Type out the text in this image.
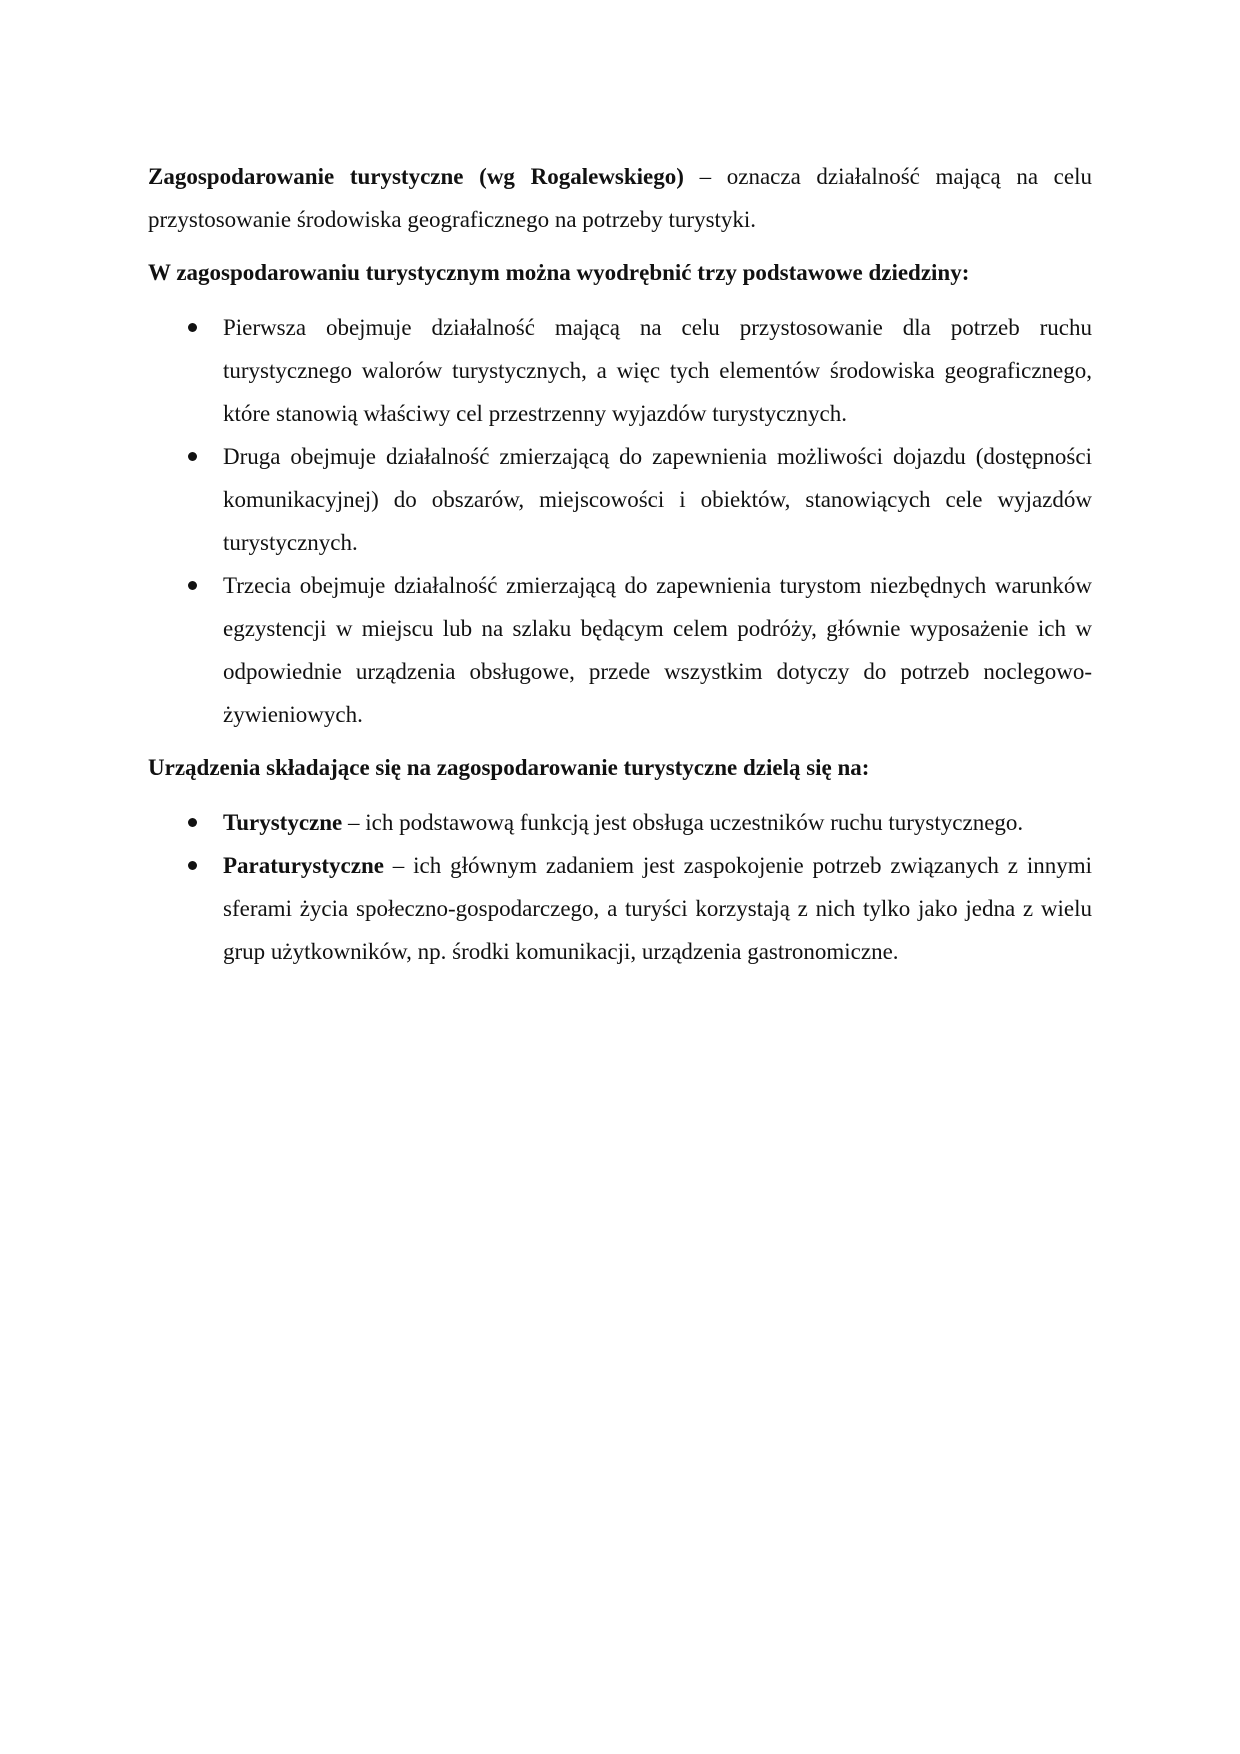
Zagospodarowanie turystyczne (wg Rogalewskiego) – oznacza działalność mającą na celu przystosowanie środowiska geograficznego na potrzeby turystyki.

W zagospodarowaniu turystycznym można wyodrębnić trzy podstawowe dziedziny:

Pierwsza obejmuje działalność mającą na celu przystosowanie dla potrzeb ruchu turystycznego walorów turystycznych, a więc tych elementów środowiska geograficznego, które stanowią właściwy cel przestrzenny wyjazdów turystycznych.
Druga obejmuje działalność zmierzającą do zapewnienia możliwości dojazdu (dostępności komunikacyjnej) do obszarów, miejscowości i obiektów, stanowiących cele wyjazdów turystycznych.
Trzecia obejmuje działalność zmierzającą do zapewnienia turystom niezbędnych warunków egzystencji w miejscu lub na szlaku będącym celem podróży, głównie wyposażenie ich w odpowiednie urządzenia obsługowe, przede wszystkim dotyczy do potrzeb noclegowo-żywieniowych.

Urządzenia składające się na zagospodarowanie turystyczne dzielą się na:

Turystyczne – ich podstawową funkcją jest obsługa uczestników ruchu turystycznego.
Paraturystyczne – ich głównym zadaniem jest zaspokojenie potrzeb związanych z innymi sferami życia społeczno-gospodarczego, a turyści korzystają z nich tylko jako jedna z wielu grup użytkowników, np. środki komunikacji, urządzenia gastronomiczne.
